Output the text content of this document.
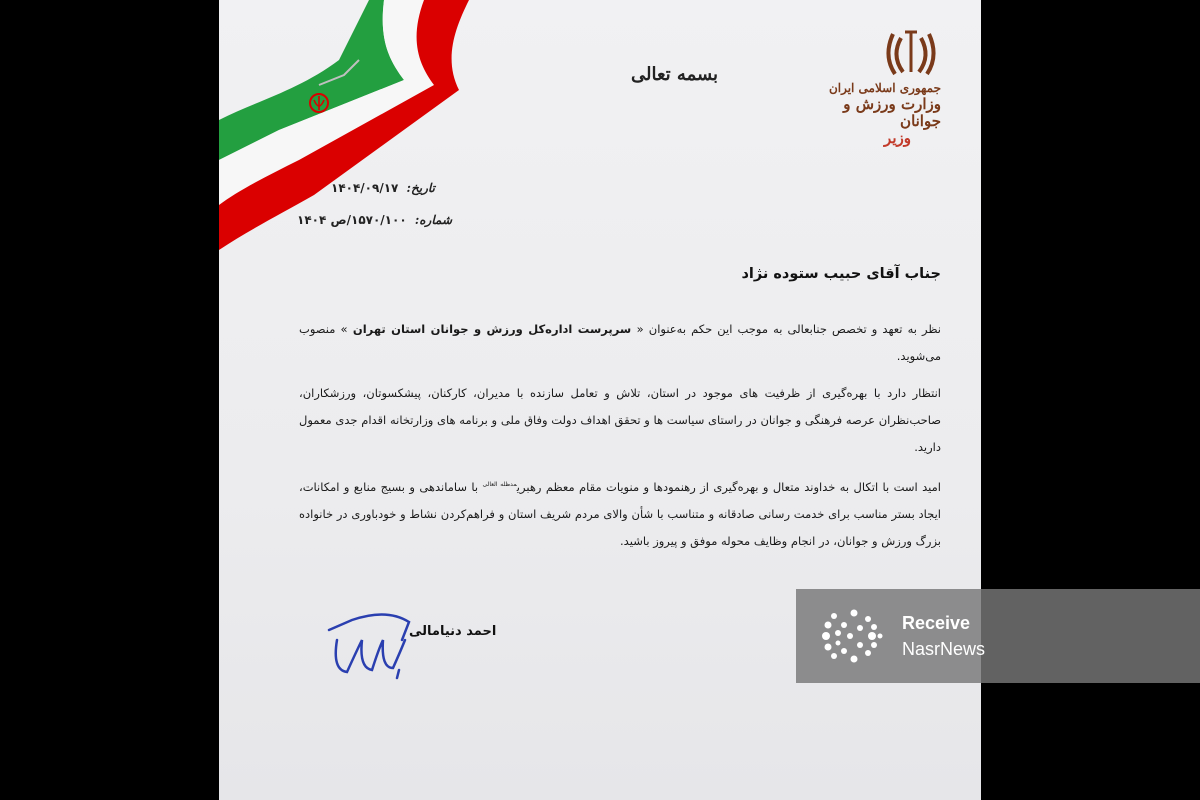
جمهوری اسلامی ایران
وزارت ورزش و جوانان
وزیر
بسمه تعالی
تاریخ: ۱۴۰۴/۰۹/۱۷
شماره: ۱۵۷۰/۱۰۰/ص ۱۴۰۴
جناب آقای حبیب ستوده نژاد

نظر به تعهد و تخصص جنابعالی به موجب این حکم به‌عنوان « سرپرست اداره‌کل ورزش و جوانان استان تهران » منصوب می‌شوید.

انتظار دارد با بهره‌گیری از ظرفیت های موجود در استان، تلاش و تعامل سازنده با مدیران، کارکنان، پیشکسوتان، ورزشکاران، صاحب‌نظران عرصه فرهنگی و جوانان در راستای سیاست ها و تحقق اهداف دولت وفاق ملی و برنامه های وزارتخانه اقدام جدی معمول دارید.

امید است با اتکال به خداوند متعال و بهره‌گیری از رهنمودها و منویات مقام معظم رهبری$^{مدظله العالی}$ با ساماندهی و بسیج منابع و امکانات، ایجاد بستر مناسب برای خدمت رسانی صادقانه و متناسب با شأن والای مردم شریف استان و فراهم‌کردن نشاط و خودباوری در خانواده بزرگ ورزش و جوانان، در انجام وظایف محوله موفق و پیروز باشید.

احمد دنیامالی	Receive
NasrNews
